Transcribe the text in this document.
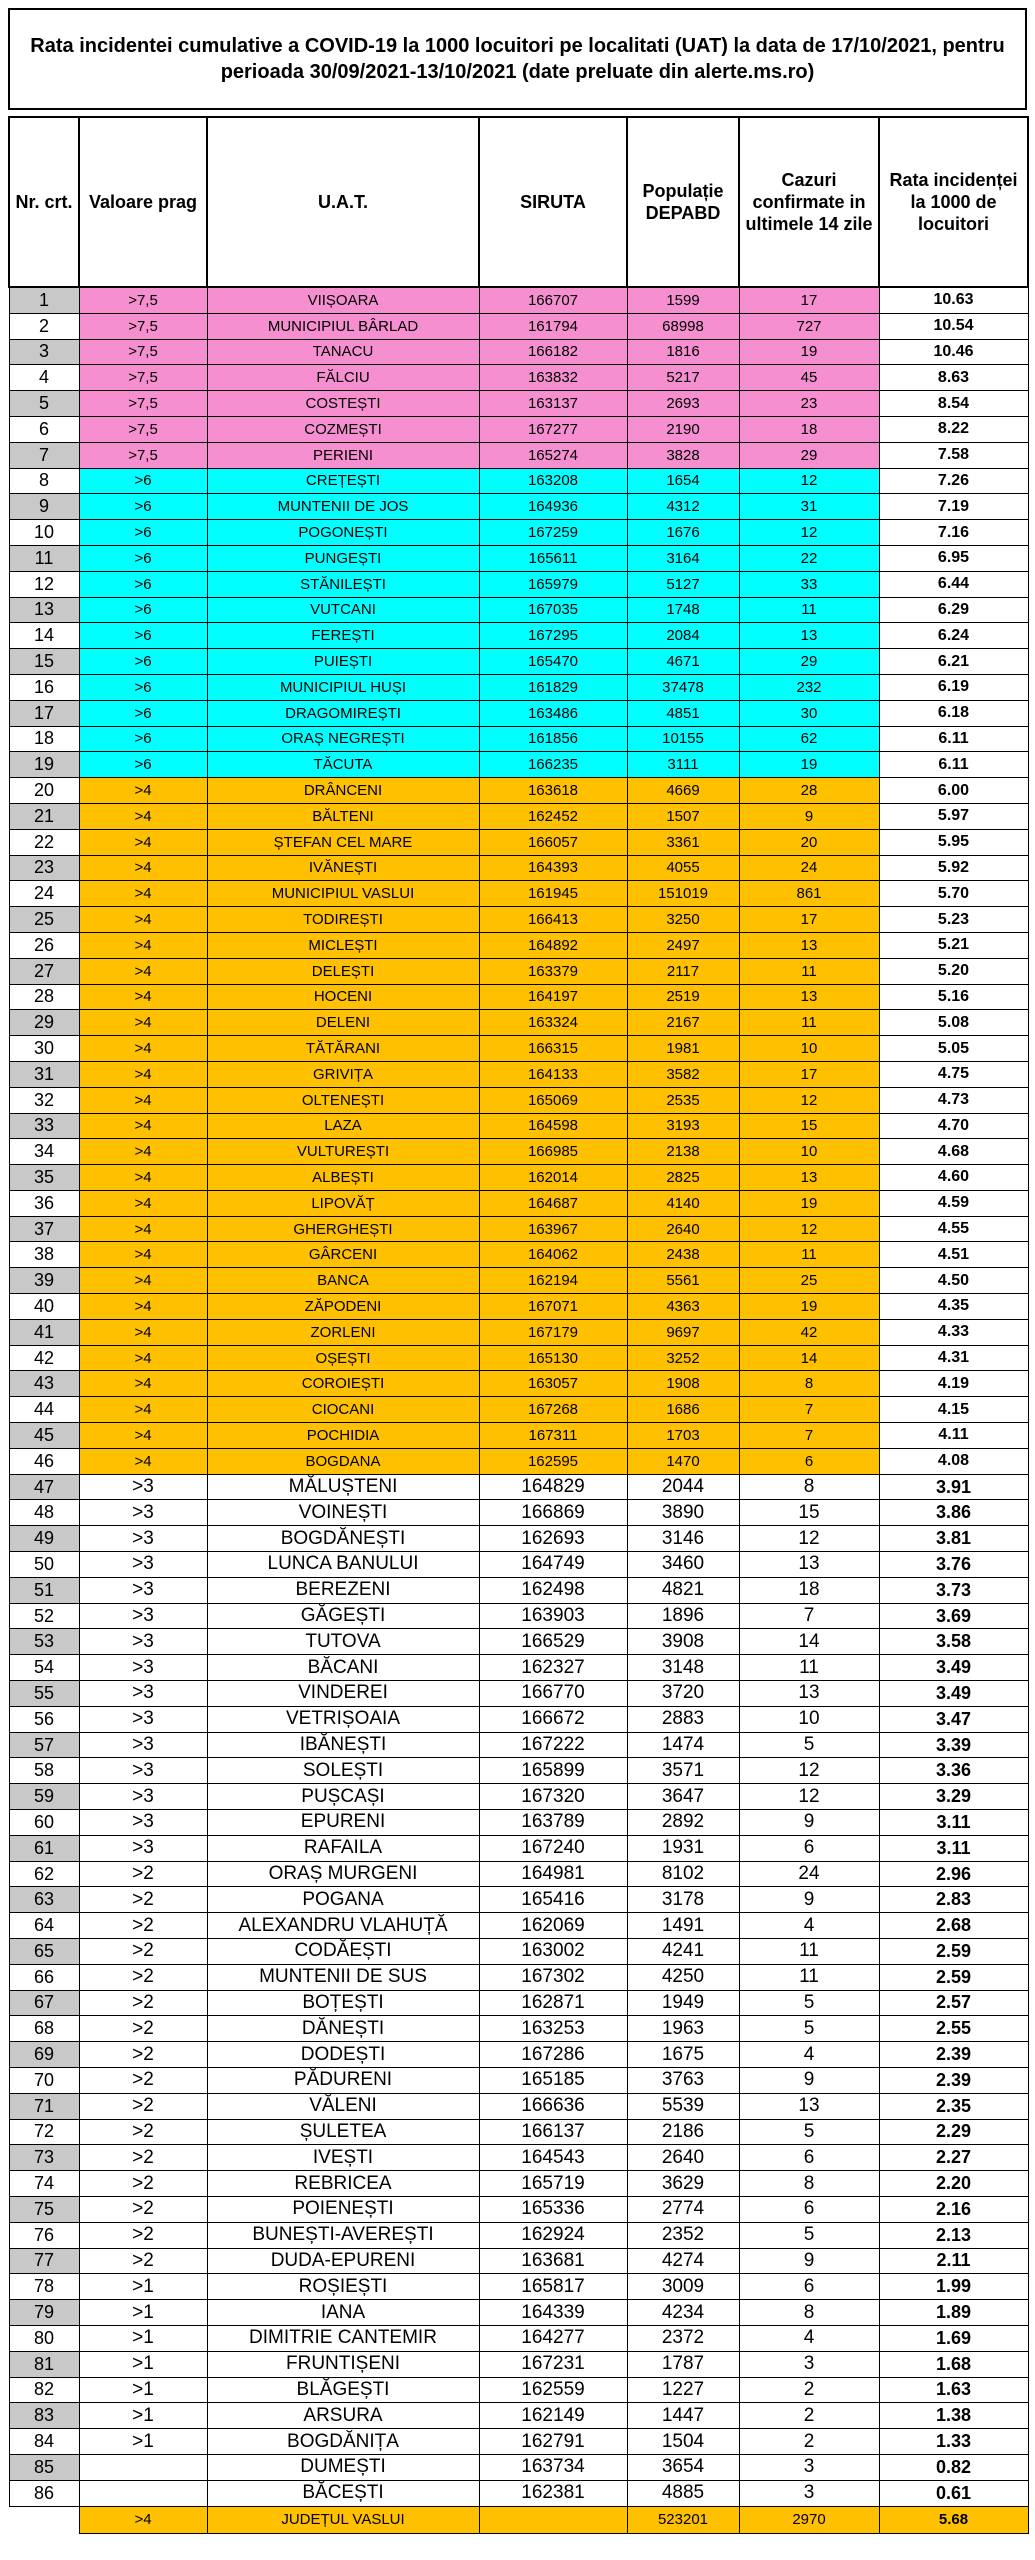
Rata incidentei cumulative a COVID-19 la 1000 locuitori pe localitati (UAT) la data de 17/10/2021, pentru perioada 30/09/2021-13/10/2021 (date preluate din alerte.ms.ro)
Nr. crt.	Valoare prag	U.A.T.	SIRUTA	Populație DEPABD	Cazuri confirmate in ultimele 14 zile	Rata incidenței la 1000 de locuitori
1	>7,5	VIIȘOARA	166707	1599	17	10.63
2	>7,5	MUNICIPIUL BÂRLAD	161794	68998	727	10.54
3	>7,5	TANACU	166182	1816	19	10.46
4	>7,5	FĂLCIU	163832	5217	45	8.63
5	>7,5	COSTEȘTI	163137	2693	23	8.54
6	>7,5	COZMEȘTI	167277	2190	18	8.22
7	>7,5	PERIENI	165274	3828	29	7.58
8	>6	CREȚEȘTI	163208	1654	12	7.26
9	>6	MUNTENII DE JOS	164936	4312	31	7.19
10	>6	POGONEȘTI	167259	1676	12	7.16
11	>6	PUNGEȘTI	165611	3164	22	6.95
12	>6	STĂNILEȘTI	165979	5127	33	6.44
13	>6	VUTCANI	167035	1748	11	6.29
14	>6	FEREȘTI	167295	2084	13	6.24
15	>6	PUIEȘTI	165470	4671	29	6.21
16	>6	MUNICIPIUL HUȘI	161829	37478	232	6.19
17	>6	DRAGOMIREȘTI	163486	4851	30	6.18
18	>6	ORAȘ NEGREȘTI	161856	10155	62	6.11
19	>6	TĂCUTA	166235	3111	19	6.11
20	>4	DRÂNCENI	163618	4669	28	6.00
21	>4	BĂLTENI	162452	1507	9	5.97
22	>4	ȘTEFAN CEL MARE	166057	3361	20	5.95
23	>4	IVĂNEȘTI	164393	4055	24	5.92
24	>4	MUNICIPIUL VASLUI	161945	151019	861	5.70
25	>4	TODIREȘTI	166413	3250	17	5.23
26	>4	MICLEȘTI	164892	2497	13	5.21
27	>4	DELEȘTI	163379	2117	11	5.20
28	>4	HOCENI	164197	2519	13	5.16
29	>4	DELENI	163324	2167	11	5.08
30	>4	TĂTĂRANI	166315	1981	10	5.05
31	>4	GRIVIȚA	164133	3582	17	4.75
32	>4	OLTENEȘTI	165069	2535	12	4.73
33	>4	LAZA	164598	3193	15	4.70
34	>4	VULTUREȘTI	166985	2138	10	4.68
35	>4	ALBEȘTI	162014	2825	13	4.60
36	>4	LIPOVĂȚ	164687	4140	19	4.59
37	>4	GHERGHEȘTI	163967	2640	12	4.55
38	>4	GÂRCENI	164062	2438	11	4.51
39	>4	BANCA	162194	5561	25	4.50
40	>4	ZĂPODENI	167071	4363	19	4.35
41	>4	ZORLENI	167179	9697	42	4.33
42	>4	OȘEȘTI	165130	3252	14	4.31
43	>4	COROIEȘTI	163057	1908	8	4.19
44	>4	CIOCANI	167268	1686	7	4.15
45	>4	POCHIDIA	167311	1703	7	4.11
46	>4	BOGDANA	162595	1470	6	4.08
47	>3	MĂLUȘTENI	164829	2044	8	3.91
48	>3	VOINEȘTI	166869	3890	15	3.86
49	>3	BOGDĂNEȘTI	162693	3146	12	3.81
50	>3	LUNCA BANULUI	164749	3460	13	3.76
51	>3	BEREZENI	162498	4821	18	3.73
52	>3	GĂGEȘTI	163903	1896	7	3.69
53	>3	TUTOVA	166529	3908	14	3.58
54	>3	BĂCANI	162327	3148	11	3.49
55	>3	VINDEREI	166770	3720	13	3.49
56	>3	VETRIȘOAIA	166672	2883	10	3.47
57	>3	IBĂNEȘTI	167222	1474	5	3.39
58	>3	SOLEȘTI	165899	3571	12	3.36
59	>3	PUȘCAȘI	167320	3647	12	3.29
60	>3	EPURENI	163789	2892	9	3.11
61	>3	RAFAILA	167240	1931	6	3.11
62	>2	ORAȘ MURGENI	164981	8102	24	2.96
63	>2	POGANA	165416	3178	9	2.83
64	>2	ALEXANDRU VLAHUȚĂ	162069	1491	4	2.68
65	>2	CODĂEȘTI	163002	4241	11	2.59
66	>2	MUNTENII DE SUS	167302	4250	11	2.59
67	>2	BOȚEȘTI	162871	1949	5	2.57
68	>2	DĂNEȘTI	163253	1963	5	2.55
69	>2	DODEȘTI	167286	1675	4	2.39
70	>2	PĂDURENI	165185	3763	9	2.39
71	>2	VĂLENI	166636	5539	13	2.35
72	>2	ȘULETEA	166137	2186	5	2.29
73	>2	IVEȘTI	164543	2640	6	2.27
74	>2	REBRICEA	165719	3629	8	2.20
75	>2	POIENEȘTI	165336	2774	6	2.16
76	>2	BUNEȘTI-AVEREȘTI	162924	2352	5	2.13
77	>2	DUDA-EPURENI	163681	4274	9	2.11
78	>1	ROȘIEȘTI	165817	3009	6	1.99
79	>1	IANA	164339	4234	8	1.89
80	>1	DIMITRIE CANTEMIR	164277	2372	4	1.69
81	>1	FRUNTIȘENI	167231	1787	3	1.68
82	>1	BLĂGEȘTI	162559	1227	2	1.63
83	>1	ARSURA	162149	1447	2	1.38
84	>1	BOGDĂNIȚA	162791	1504	2	1.33
85		DUMEȘTI	163734	3654	3	0.82
86		BĂCEȘTI	162381	4885	3	0.61
	>4	JUDEȚUL VASLUI		523201	2970	5.68
